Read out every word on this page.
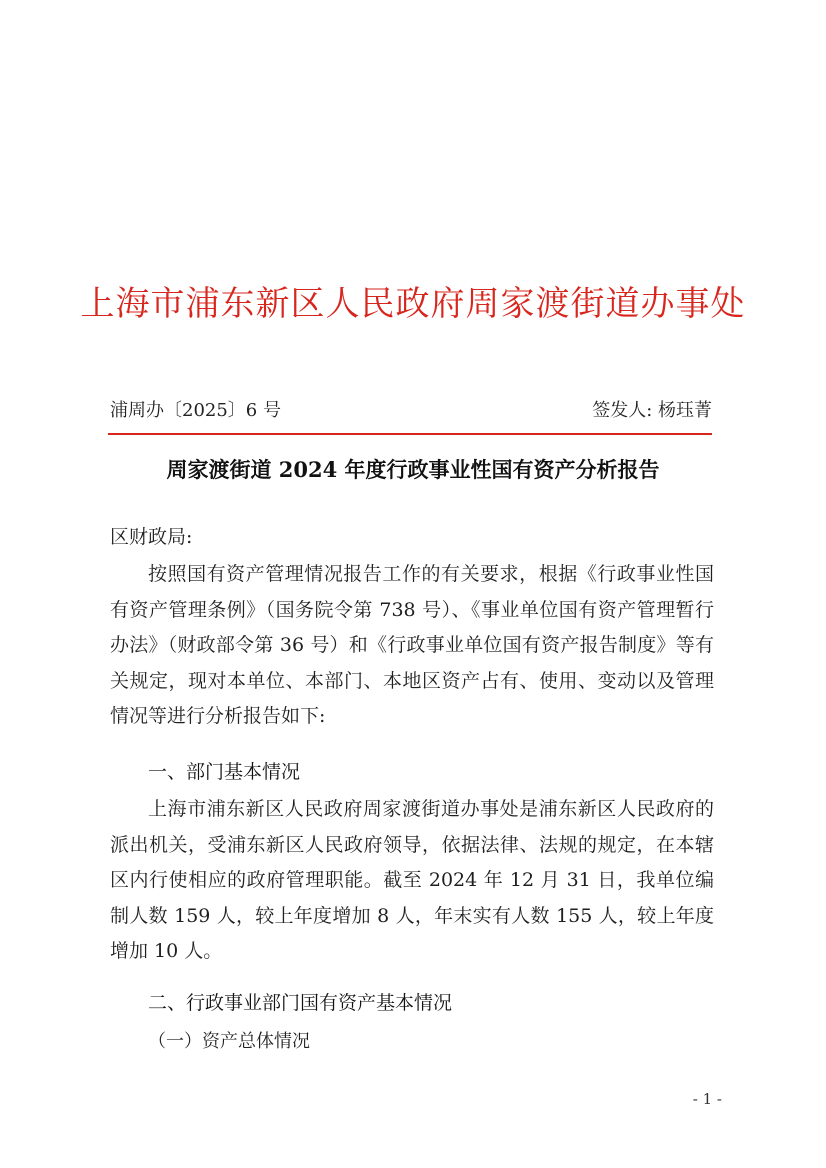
上海市浦东新区人民政府周家渡街道办事处
浦周办〔2025〕6 号	签发人: 杨珏菁
周家渡街道 2024 年度行政事业性国有资产分析报告
区财政局:
按照国有资产管理情况报告工作的有关要求，根据《行政事业性国有资产管理条例》（国务院令第 738 号）、《事业单位国有资产管理暂行办法》（财政部令第 36 号）和《行政事业单位国有资产报告制度》等有关规定，现对本单位、本部门、本地区资产占有、使用、变动以及管理情况等进行分析报告如下:
一、部门基本情况
上海市浦东新区人民政府周家渡街道办事处是浦东新区人民政府的派出机关，受浦东新区人民政府领导，依据法律、法规的规定，在本辖区内行使相应的政府管理职能。截至 2024 年 12 月 31 日，我单位编制人数 159 人，较上年度增加 8 人，年末实有人数 155 人，较上年度增加 10 人。
二、行政事业部门国有资产基本情况
（一）资产总体情况
- 1 -
